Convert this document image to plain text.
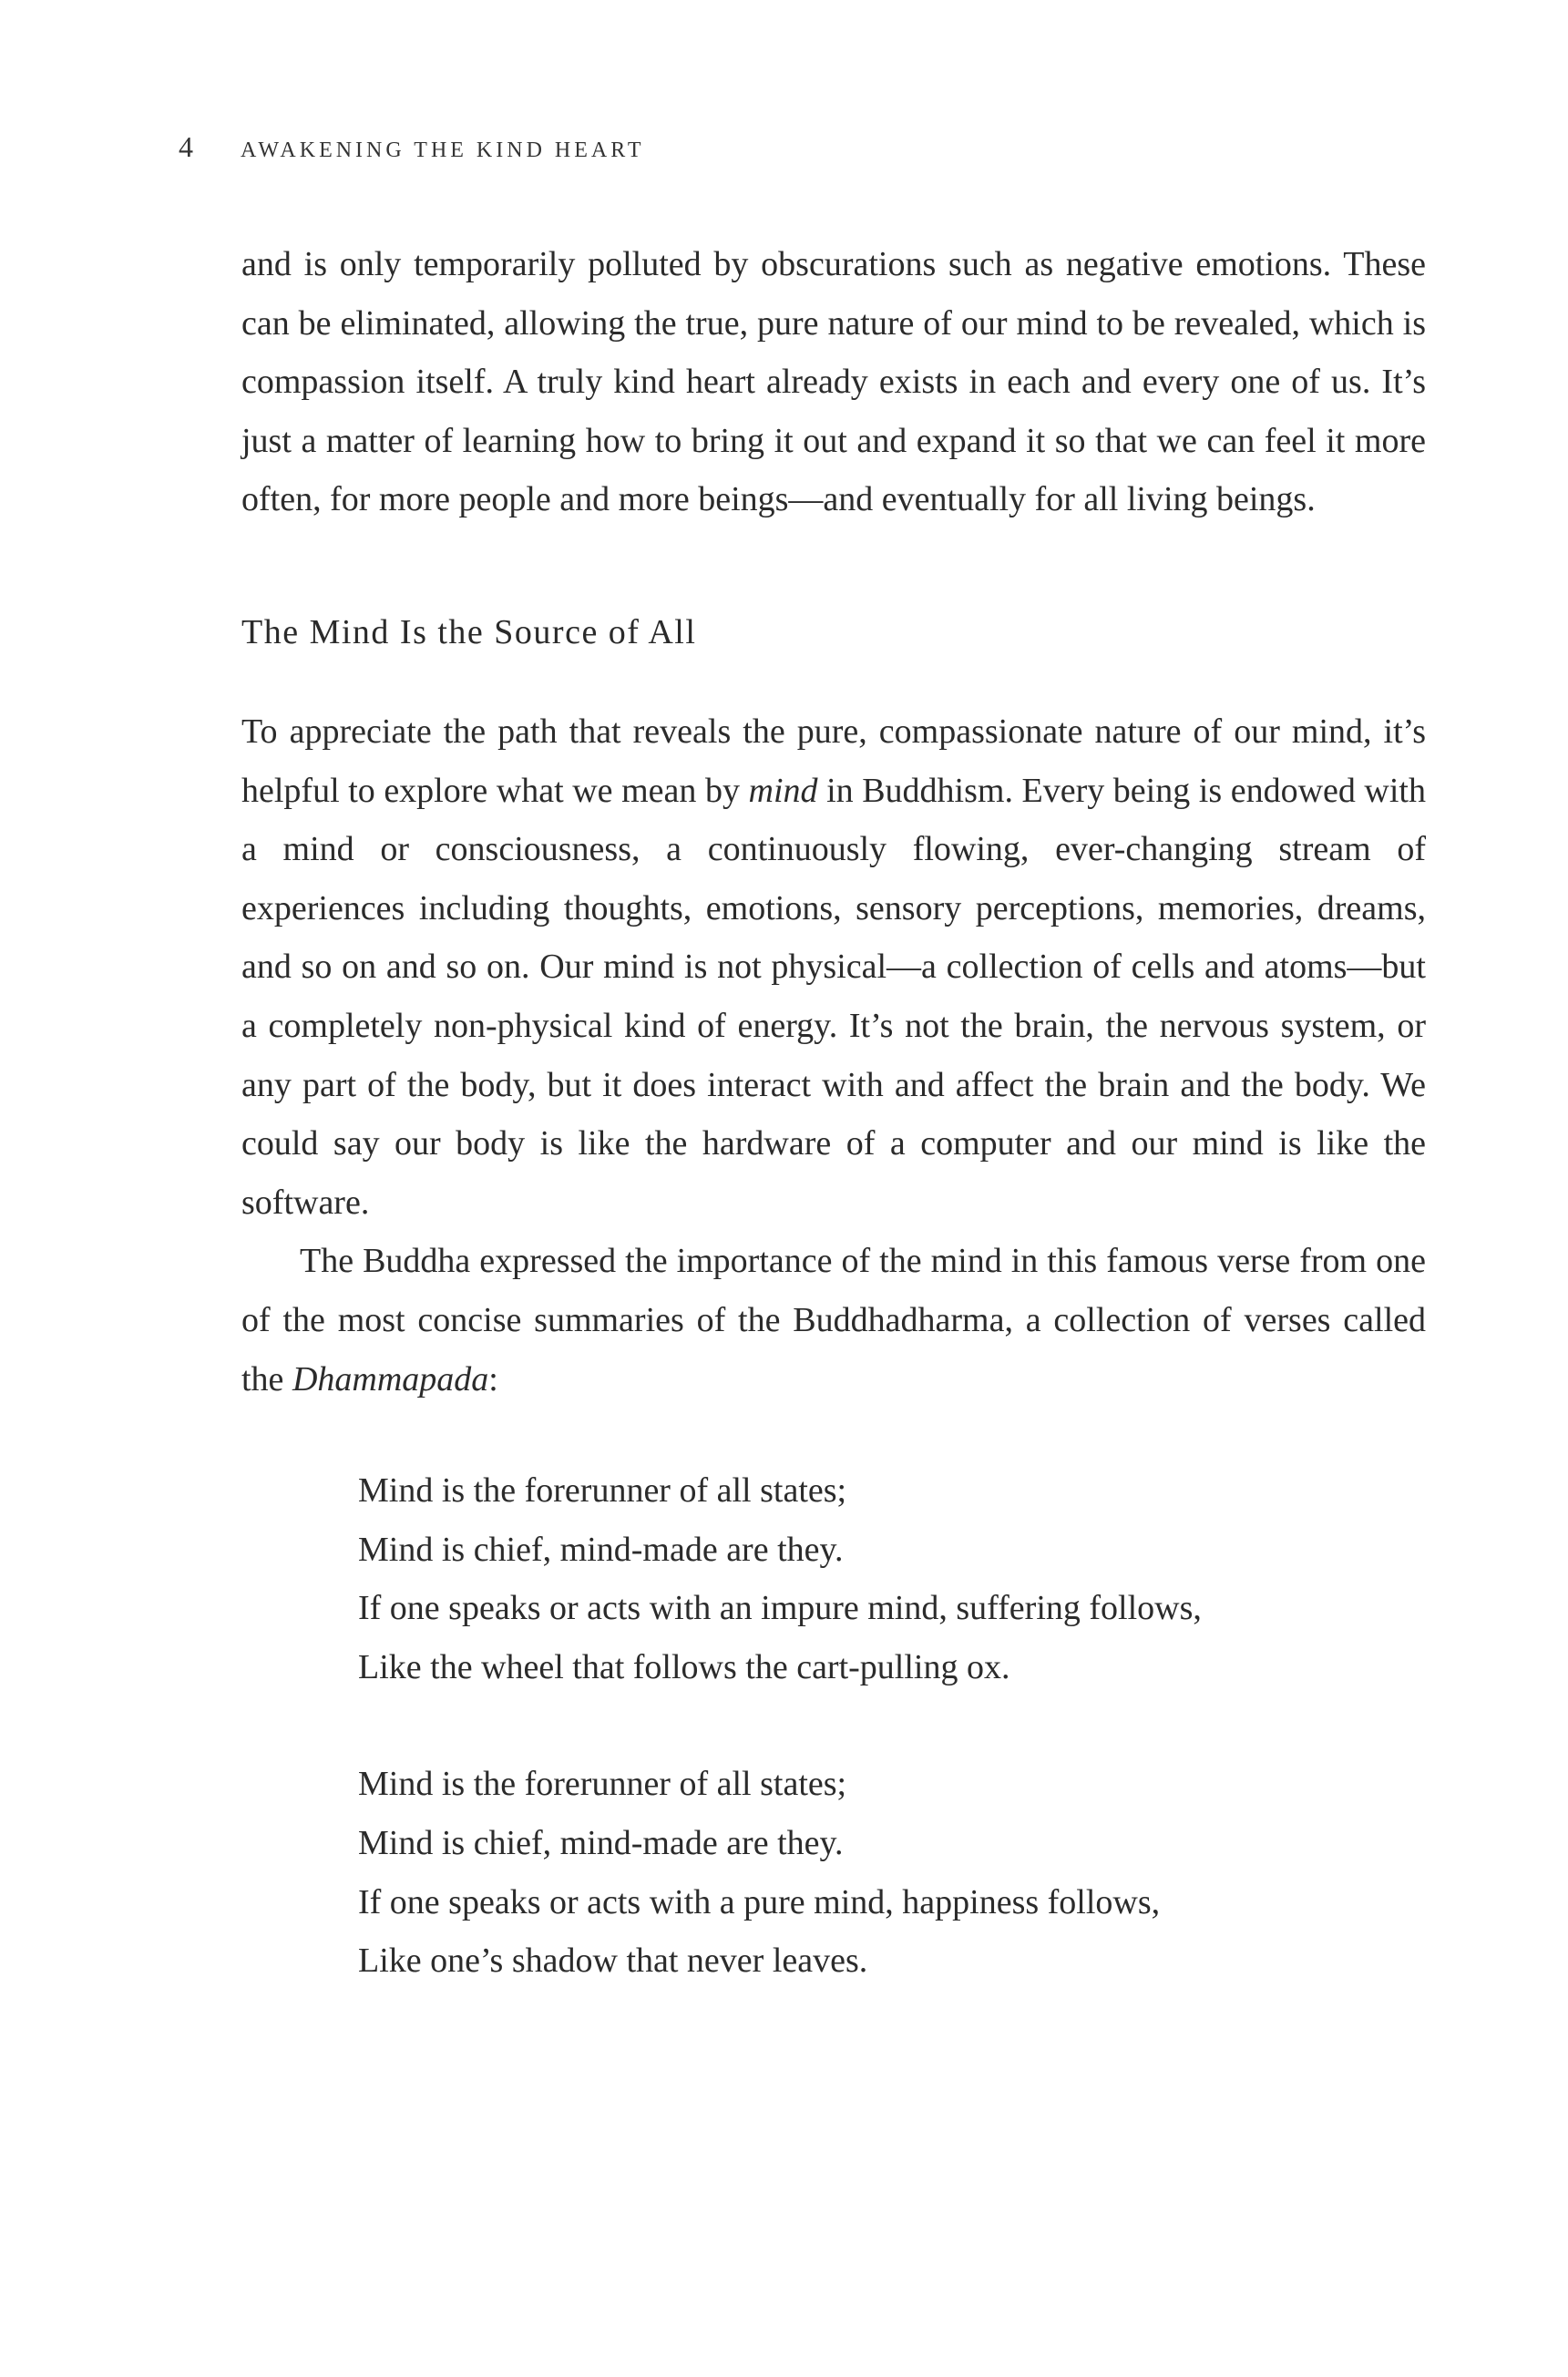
4 AWAKENING THE KIND HEART

and is only temporarily polluted by obscurations such as negative emotions. These can be eliminated, allowing the true, pure nature of our mind to be revealed, which is compassion itself. A truly kind heart already exists in each and every one of us. It’s just a matter of learning how to bring it out and expand it so that we can feel it more often, for more people and more beings—and eventually for all living beings.

The Mind Is the Source of All

To appreciate the path that reveals the pure, compassionate nature of our mind, it’s helpful to explore what we mean by mind in Buddhism. Every being is endowed with a mind or consciousness, a continuously flowing, ever-changing stream of experiences including thoughts, emotions, sensory perceptions, memories, dreams, and so on and so on. Our mind is not physical—a collection of cells and atoms—but a completely non-physical kind of energy. It’s not the brain, the nervous system, or any part of the body, but it does interact with and affect the brain and the body. We could say our body is like the hardware of a computer and our mind is like the software.

The Buddha expressed the importance of the mind in this famous verse from one of the most concise summaries of the Buddhadharma, a collection of verses called the Dhammapada:

Mind is the forerunner of all states;
Mind is chief, mind-made are they.
If one speaks or acts with an impure mind, suffering follows,
Like the wheel that follows the cart-pulling ox.
Mind is the forerunner of all states;
Mind is chief, mind-made are they.
If one speaks or acts with a pure mind, happiness follows,
Like one’s shadow that never leaves.
